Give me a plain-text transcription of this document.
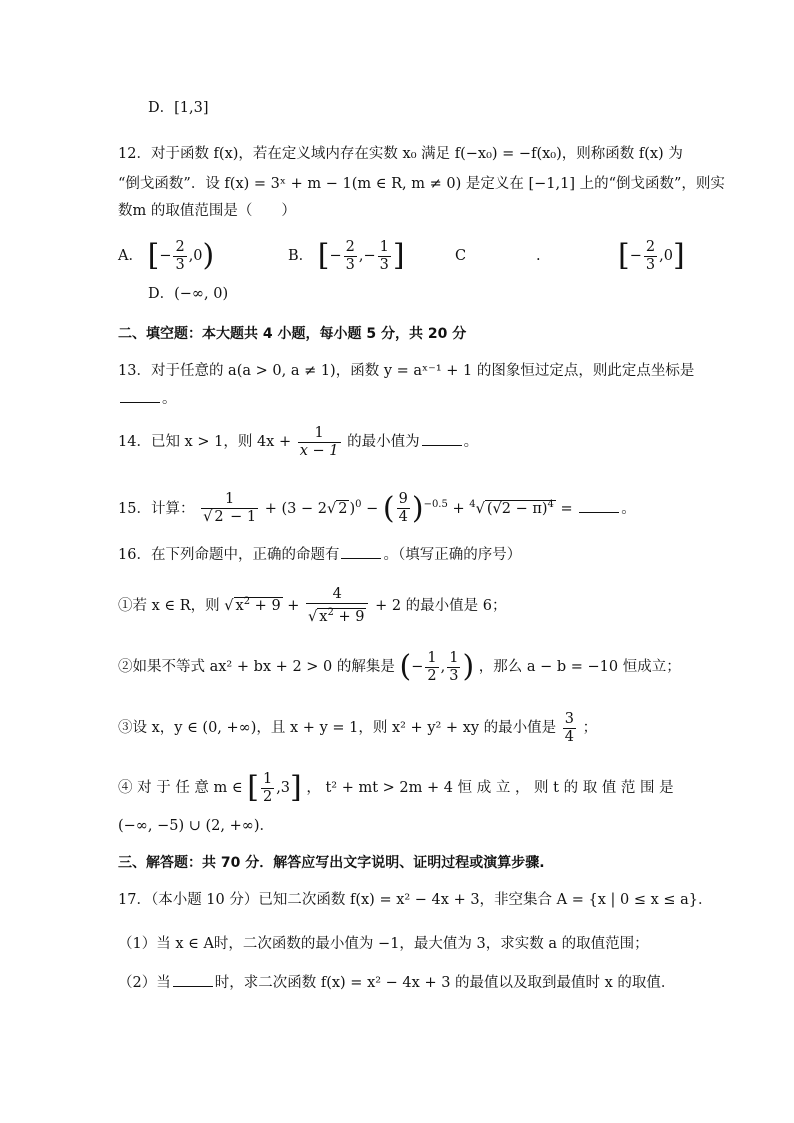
D．[1,3]
12．对于函数 f(x)，若在定义域内存在实数 x₀ 满足 f(−x₀) = −f(x₀)，则称函数 f(x) 为
“倒戈函数”．设 f(x) = 3ˣ + m − 1(m ∈ R, m ≠ 0) 是定义在 [−1,1] 上的“倒戈函数”，则实
数m 的取值范围是（　　）
A． [− $\frac{2}{3} ,0$)	B． [− $\frac{2}{3}$ ,− $\frac{1}{3}$ ]	C	.	[− $\frac{2}{3} ,0$]
D．(−∞, 0)
二、填空题：本大题共 4 小题，每小题 5 分，共 20 分
13．对于任意的 a(a > 0, a ≠ 1)，函数 y = aˣ⁻¹ + 1 的图象恒过定点，则此定点坐标是
。
14．已知 x > 1，则 $4x + \frac{1}{x - 1}$ 的最小值为	。
15．计算： $\frac{1}{√ 2 - 1} + (3 - 2√$ 2 )$^0$ − ( $\frac{9}{4} )^{-0.5} + ^4√$ $(√2 - \pi)^4$ =	。
16．在下列命题中，正确的命题有	。（填写正确的序号）
①若 x ∈ R，则 √ $x^2 + 9 + \frac{4}{√ x^2 + 9} + 2$ 的最小值是 6；
②如果不等式 ax² + bx + 2 > 0 的解集是 (− $\frac{1}{2}$ , $\frac{1}{3}$ ) ，那么 a − b = −10 恒成立；
③设 x，y ∈ (0, +∞)，且 x + y = 1，则 x² + y² + xy 的最小值是 $\frac{3}{4}$ ；
④ 对 于 任 意 m ∈ [ $\frac{1}{2} ,3$] ， t² + mt > 2m + 4 恒 成 立 ， 则 t 的 取 值 范 围 是
(−∞, −5) ∪ (2, +∞)．
三、解答题：共 70 分．解答应写出文字说明、证明过程或演算步骤.
17．（本小题 10 分）已知二次函数 f(x) = x² − 4x + 3，非空集合 A = {x | 0 ≤ x ≤ a}．
（1）当 x ∈ A时，二次函数的最小值为 −1，最大值为 3，求实数 a 的取值范围；
（2）当	时，求二次函数 f(x) = x² − 4x + 3 的最值以及取到最值时 x 的取值．
